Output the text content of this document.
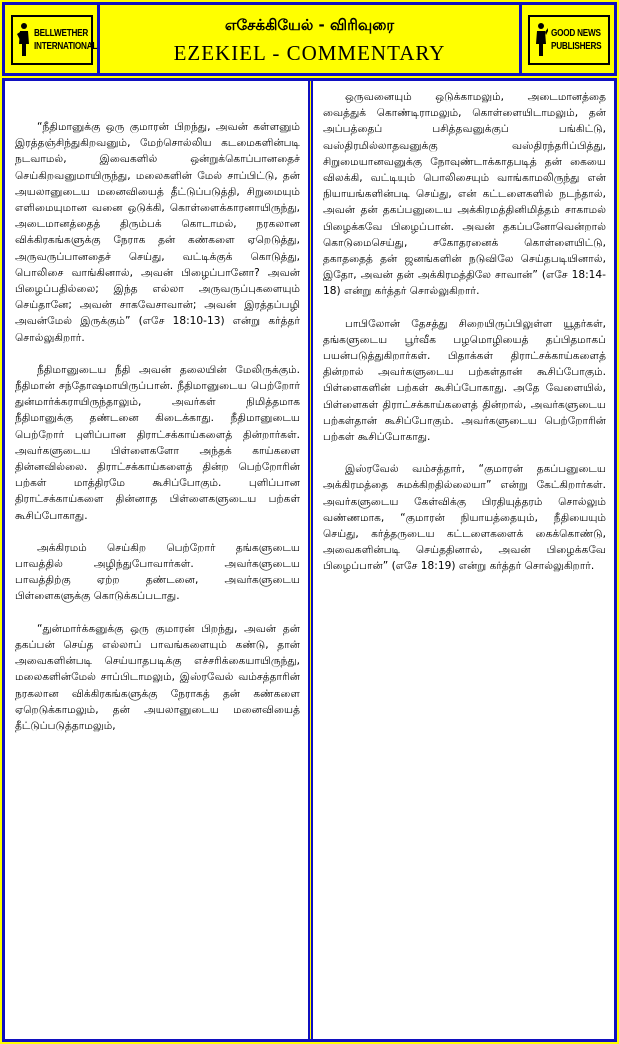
BELLWETHER
INTERNATIONAL
எசேக்கியேல் - விரிவுரை
EZEKIEL - COMMENTARY
GOOD NEWS
PUBLISHERS

“நீதிமானுக்கு ஒரு குமாரன் பிறந்து, அவன் கள்ளனும் இரத்தஞ்சிந்துகிறவனும், மேற்சொல்லிய கடமைகளின்படி நடவாமல், இவைகளில் ஒன்றுக்கொப்பானதைச் செய்கிறவனுமாயிருந்து, மலைகளின் மேல் சாப்பிட்டு, தன் அயலானுடைய மனைவியைத் தீட்டுப்படுத்தி, சிறுமையும் எளிமையுமான வனை ஒடுக்கி, கொள்ளைக்காரனாயிருந்து, அடைமானத்தைத் திரும்பக் கொடாமல், நரகலான விக்கிரகங்களுக்கு நேராக தன் கண்களை ஏறெடுத்து, அருவருப்பானதைச் செய்து, வட்டிக்குக் கொடுத்து, பொலிசை வாங்கினால், அவன் பிழைப்பானோ? அவன் பிழைப்பதில்லை; இந்த எல்லா அருவருப்புகளையும் செய்தானே; அவன் சாகவேசாவான்; அவன் இரத்தப்பழி அவன்மேல் இருக்கும்” (எசே 18:10-13) என்று கர்த்தர் சொல்லுகிறார்.

நீதிமானுடைய நீதி அவன் தலையின் மேலிருக்கும். நீதிமான் சந்தோஷமாயிருப்பான். நீதிமானுடைய பெற்றோர் துன்மார்க்கராயிருந்தாலும், அவர்கள் நிமித்தமாக நீதிமானுக்கு தண்டனை கிடைக்காது. நீதிமானுடைய பெற்றோர் புளிப்பான திராட்சக்காய்களைத் தின்றார்கள். அவர்களுடைய பிள்ளைகளோ அந்தக் காய்களை தின்னவில்லை. திராட்சக்காய்களைத் தின்ற பெற்றோரின் பற்கள் மாத்திரமே கூசிப்போகும். புளிப்பான திராட்சக்காய்களை தின்னாத பிள்ளைகளுடைய பற்கள் கூசிப்போகாது.

அக்கிரமம் செய்கிற பெற்றோர் தங்களுடைய பாவத்தில் அழிந்துபோவார்கள். அவர்களுடைய பாவத்திற்கு ஏற்ற தண்டனை, அவர்களுடைய பிள்ளைகளுக்கு கொடுக்கப்படாது.

“துன்மார்க்கனுக்கு ஒரு குமாரன் பிறந்து, அவன் தன் தகப்பன் செய்த எல்லாப் பாவங்களையும் கண்டு, தான் அவைகளின்படி செய்யாதபடிக்கு எச்சரிக்கையாயிருந்து, மலைகளின்மேல் சாப்பிடாமலும், இஸ்ரவேல் வம்சத்தாரின் நரகலான விக்கிரகங்களுக்கு நேராகத் தன் கண்களை ஏறெடுக்காமலும், தன் அயலானுடைய மனைவியைத் தீட்டுப்படுத்தாமலும்,

ஒருவனையும் ஒடுக்காமலும், அடைமானத்தை வைத்துக் கொண்டிராமலும், கொள்ளையிடாமலும், தன் அப்பத்தைப் பசித்தவனுக்குப் பங்கிட்டு, வஸ்திரமில்லாதவனுக்கு வஸ்திரந்தரிப்பித்து, சிறுமையானவனுக்கு நோவுண்டாக்காதபடித் தன் கையை விலக்கி, வட்டியும் பொலிசையும் வாங்காமலிருந்து என் நியாயங்களின்படி செய்து, என் கட்டளைகளில் நடந்தால், அவன் தன் தகப்பனுடைய அக்கிரமத்தினிமித்தம் சாகாமல் பிழைக்கவே பிழைப்பான். அவன் தகப்பனோவென்றால் கொடுமைசெய்து, சகோதரனைக் கொள்ளையிட்டு, தகாததைத் தன் ஜனங்களின் நடுவிலே செய்தபடியினால், இதோ, அவன் தன் அக்கிரமத்திலே சாவான்” (எசே 18:14-18) என்று கர்த்தர் சொல்லுகிறார்.

பாபிலோன் தேசத்து சிறையிருப்பிலுள்ள யூதர்கள், தங்களுடைய பூர்வீக பழமொழியைத் தப்பிதமாகப் பயன்படுத்துகிறார்கள். பிதாக்கள் திராட்சக்காய்களைத் தின்றால் அவர்களுடைய பற்கள்தான் கூசிப்போகும். பிள்ளைகளின் பற்கள் கூசிப்போகாது. அதே வேளையில், பிள்ளைகள் திராட்சக்காய்களைத் தின்றால், அவர்களுடைய பற்கள்தான் கூசிப்போகும். அவர்களுடைய பெற்றோரின் பற்கள் கூசிப்போகாது.

இஸ்ரவேல் வம்சத்தார், “குமாரன் தகப்பனுடைய அக்கிரமத்தை சுமக்கிறதில்லையா” என்று கேட்கிறார்கள். அவர்களுடைய கேள்விக்கு பிரதியுத்தரம் சொல்லும் வண்ணமாக, “குமாரன் நியாயத்தையும், நீதியையும் செய்து, கர்த்தருடைய கட்டளைகளைக் கைக்கொண்டு, அவைகளின்படி செய்ததினால், அவன் பிழைக்கவே பிழைப்பான்” (எசே 18:19) என்று கர்த்தர் சொல்லுகிறார்.
